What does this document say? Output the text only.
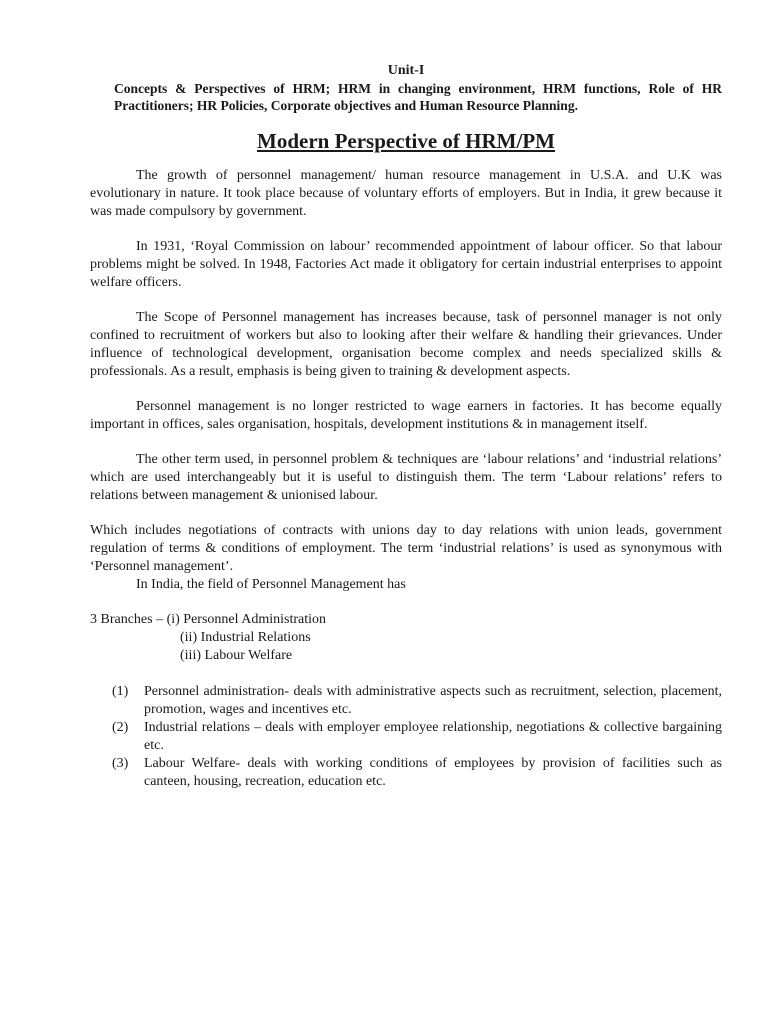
Unit-I

Concepts & Perspectives of HRM; HRM in changing environment, HRM functions, Role of HR Practitioners; HR Policies, Corporate objectives and Human Resource Planning.

Modern Perspective of HRM/PM

The growth of personnel management/ human resource management in U.S.A. and U.K was evolutionary in nature. It took place because of voluntary efforts of employers. But in India, it grew because it was made compulsory by government.

In 1931, ‘Royal Commission on labour’ recommended appointment of labour officer. So that labour problems might be solved. In 1948, Factories Act made it obligatory for certain industrial enterprises to appoint welfare officers.

The Scope of Personnel management has increases because, task of personnel manager is not only confined to recruitment of workers but also to looking after their welfare & handling their grievances. Under influence of technological development, organisation become complex and needs specialized skills & professionals. As a result, emphasis is being given to training & development aspects.

Personnel management is no longer restricted to wage earners in factories. It has become equally important in offices, sales organisation, hospitals, development institutions & in management itself.

The other term used, in personnel problem & techniques are ‘labour relations’ and ‘industrial relations’ which are used interchangeably but it is useful to distinguish them. The term ‘Labour relations’ refers to relations between management & unionised labour.

Which includes negotiations of contracts with unions day to day relations with union leads, government regulation of terms & conditions of employment. The term ‘industrial relations’ is used as synonymous with ‘Personnel management’.

In India, the field of Personnel Management has

3 Branches – (i) Personnel Administration
(ii) Industrial Relations
(iii) Labour Welfare
(1) Personnel administration- deals with administrative aspects such as recruitment, selection, placement, promotion, wages and incentives etc.
(2) Industrial relations – deals with employer employee relationship, negotiations & collective bargaining etc.
(3) Labour Welfare- deals with working conditions of employees by provision of facilities such as canteen, housing, recreation, education etc.
